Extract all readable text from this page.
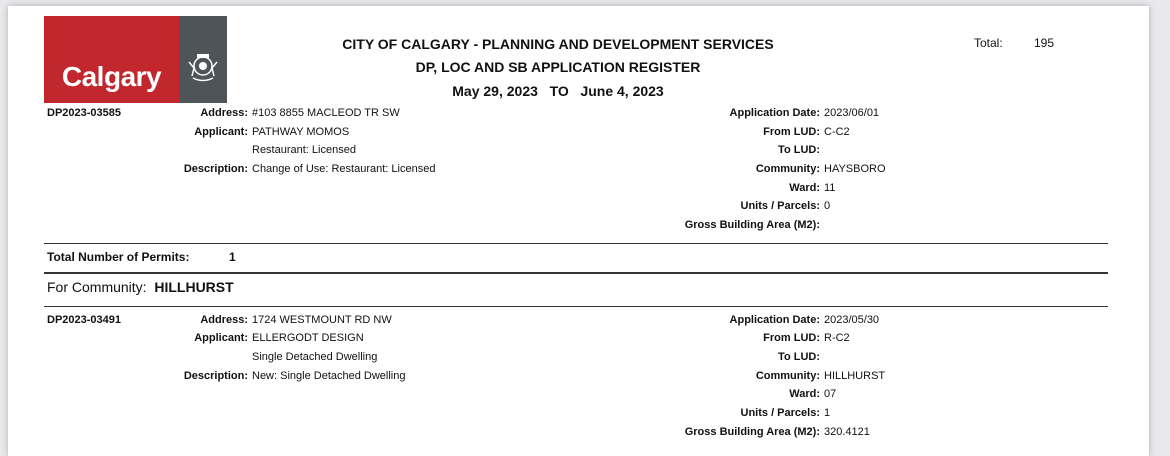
Calgary
CITY OF CALGARY - PLANNING AND DEVELOPMENT SERVICES
DP, LOC AND SB APPLICATION REGISTER
May 29, 2023 TO June 4, 2023
Total:	195
DP2023-03585	Address: #103 8855 MACLEOD TR SW
Applicant: PATHWAY MOMOS
Restaurant: Licensed
Description: Change of Use: Restaurant: Licensed
Application Date: 2023/06/01
From LUD: C-C2
To LUD:
Community: HAYSBORO
Ward: 11
Units / Parcels: 0
Gross Building Area (M2):
Total Number of Permits:	1
For Community: HILLHURST
DP2023-03491	Address: 1724 WESTMOUNT RD NW
Applicant: ELLERGODT DESIGN
Single Detached Dwelling
Description: New: Single Detached Dwelling
Application Date: 2023/05/30
From LUD: R-C2
To LUD:
Community: HILLHURST
Ward: 07
Units / Parcels: 1
Gross Building Area (M2): 320.4121
